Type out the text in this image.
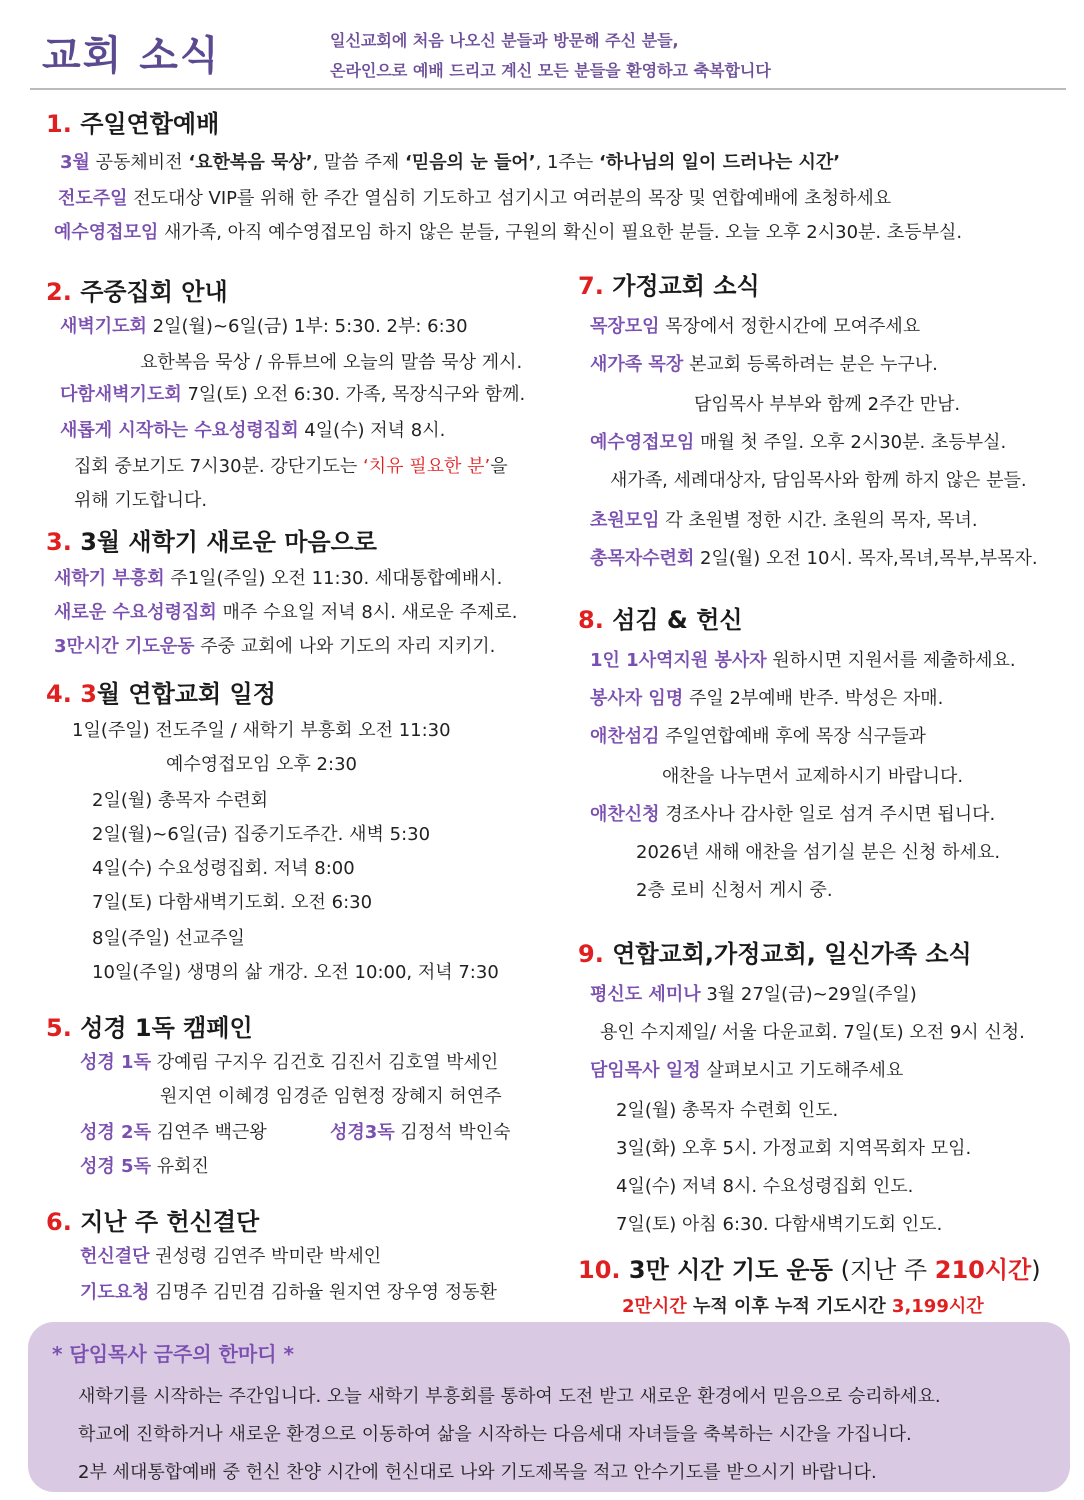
교회 소식	일신교회에 처음 나오신 분들과 방문해 주신 분들,
온라인으로 예배 드리고 계신 모든 분들을 환영하고 축복합니다
1. 주일연합예배
3월 공동체비전 ‘요한복음 묵상’, 말씀 주제 ‘믿음의 눈 들어’, 1주는 ‘하나님의 일이 드러나는 시간’
전도주일 전도대상 VIP를 위해 한 주간 열심히 기도하고 섬기시고 여러분의 목장 및 연합예배에 초청하세요
예수영접모임 새가족, 아직 예수영접모임 하지 않은 분들, 구원의 확신이 필요한 분들. 오늘 오후 2시30분. 초등부실.
2. 주중집회 안내
새벽기도회 2일(월)~6일(금) 1부: 5:30. 2부: 6:30
요한복음 묵상 / 유튜브에 오늘의 말씀 묵상 게시.
다함새벽기도회 7일(토) 오전 6:30. 가족, 목장식구와 함께.
새롭게 시작하는 수요성령집회 4일(수) 저녁 8시.
집회 중보기도 7시30분. 강단기도는 ‘치유 필요한 분’을
위해 기도합니다.
3. 3월 새학기 새로운 마음으로
새학기 부흥회 주1일(주일) 오전 11:30. 세대통합예배시.
새로운 수요성령집회 매주 수요일 저녁 8시. 새로운 주제로.
3만시간 기도운동 주중 교회에 나와 기도의 자리 지키기.
4. 3월 연합교회 일정
1일(주일) 전도주일 / 새학기 부흥회 오전 11:30
예수영접모임 오후 2:30
2일(월) 총목자 수련회
2일(월)~6일(금) 집중기도주간. 새벽 5:30
4일(수) 수요성령집회. 저녁 8:00
7일(토) 다함새벽기도회. 오전 6:30
8일(주일) 선교주일
10일(주일) 생명의 삶 개강. 오전 10:00, 저녁 7:30
5. 성경 1독 캠페인
성경 1독 강예림 구지우 김건호 김진서 김호열 박세인
원지연 이혜경 임경준 임현정 장혜지 허연주
성경 2독 김연주 백근왕	성경3독 김정석 박인숙
성경 5독 유회진
6. 지난 주 헌신결단
헌신결단 권성령 김연주 박미란 박세인
기도요청 김명주 김민겸 김하율 원지연 장우영 정동환
7. 가정교회 소식
목장모임 목장에서 정한시간에 모여주세요
새가족 목장 본교회 등록하려는 분은 누구나.
담임목사 부부와 함께 2주간 만남.
예수영접모임 매월 첫 주일. 오후 2시30분. 초등부실.
새가족, 세례대상자, 담임목사와 함께 하지 않은 분들.
초원모임 각 초원별 정한 시간. 초원의 목자, 목녀.
총목자수련회 2일(월) 오전 10시. 목자,목녀,목부,부목자.
8. 섬김 & 헌신
1인 1사역지원 봉사자 원하시면 지원서를 제출하세요.
봉사자 임명 주일 2부예배 반주. 박성은 자매.
애찬섬김 주일연합예배 후에 목장 식구들과
애찬을 나누면서 교제하시기 바랍니다.
애찬신청 경조사나 감사한 일로 섬겨 주시면 됩니다.
2026년 새해 애찬을 섬기실 분은 신청 하세요.
2층 로비 신청서 게시 중.
9. 연합교회,가정교회, 일신가족 소식
평신도 세미나 3월 27일(금)~29일(주일)
용인 수지제일/ 서울 다운교회. 7일(토) 오전 9시 신청.
담임목사 일정 살펴보시고 기도해주세요
2일(월) 총목자 수련회 인도.
3일(화) 오후 5시. 가정교회 지역목회자 모임.
4일(수) 저녁 8시. 수요성령집회 인도.
7일(토) 아침 6:30. 다함새벽기도회 인도.
10. 3만 시간 기도 운동 (지난 주 210시간)
2만시간 누적 이후 누적 기도시간 3,199시간
* 담임목사 금주의 한마디 *
새학기를 시작하는 주간입니다. 오늘 새학기 부흥회를 통하여 도전 받고 새로운 환경에서 믿음으로 승리하세요.
학교에 진학하거나 새로운 환경으로 이동하여 삶을 시작하는 다음세대 자녀들을 축복하는 시간을 가집니다.
2부 세대통합예배 중 헌신 찬양 시간에 헌신대로 나와 기도제목을 적고 안수기도를 받으시기 바랍니다.
